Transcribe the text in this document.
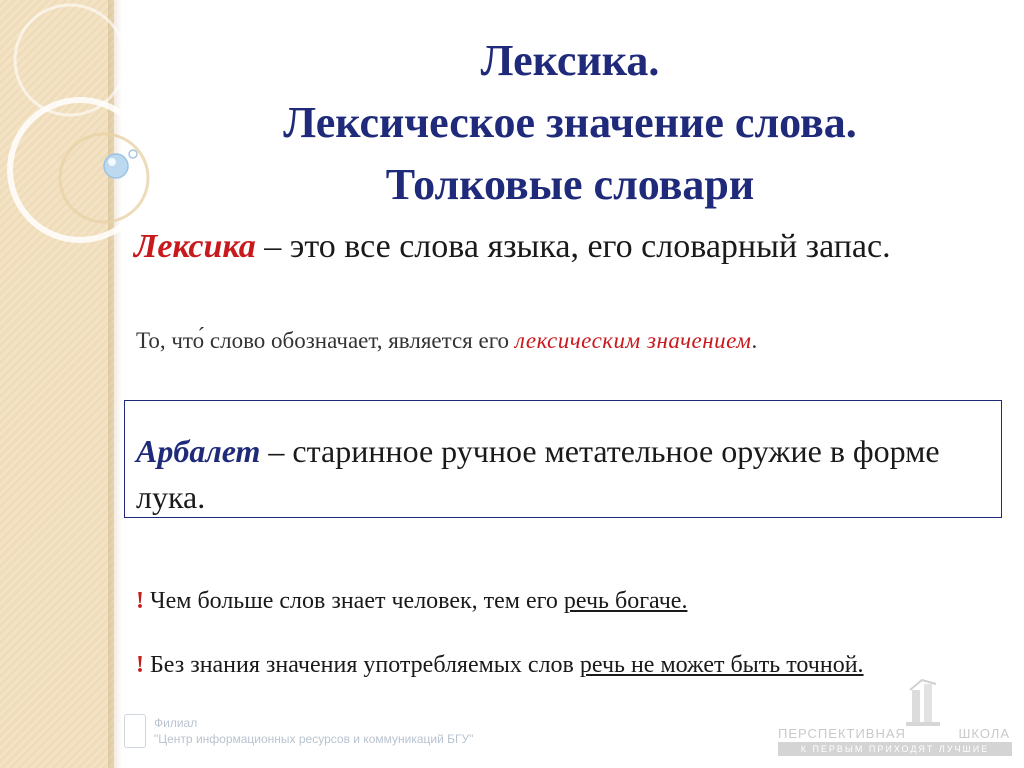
Лексика.
Лексическое значение слова.
Толковые словари
Лексика – это все слова языка, его словарный запас.
То, что́ слово обозначает, является его лексическим значением.
Арбалет – старинное ручное метательное оружие в форме лука.
! Чем больше слов знает человек, тем его речь богаче.
! Без знания значения употребляемых слов речь не может быть точной.
Филиал
"Центр информационных ресурсов и коммуникаций БГУ"	ПЕРСПЕКТИВНАЯ	ШКОЛА
К ПЕРВЫМ ПРИХОДЯТ ЛУЧШИЕ
